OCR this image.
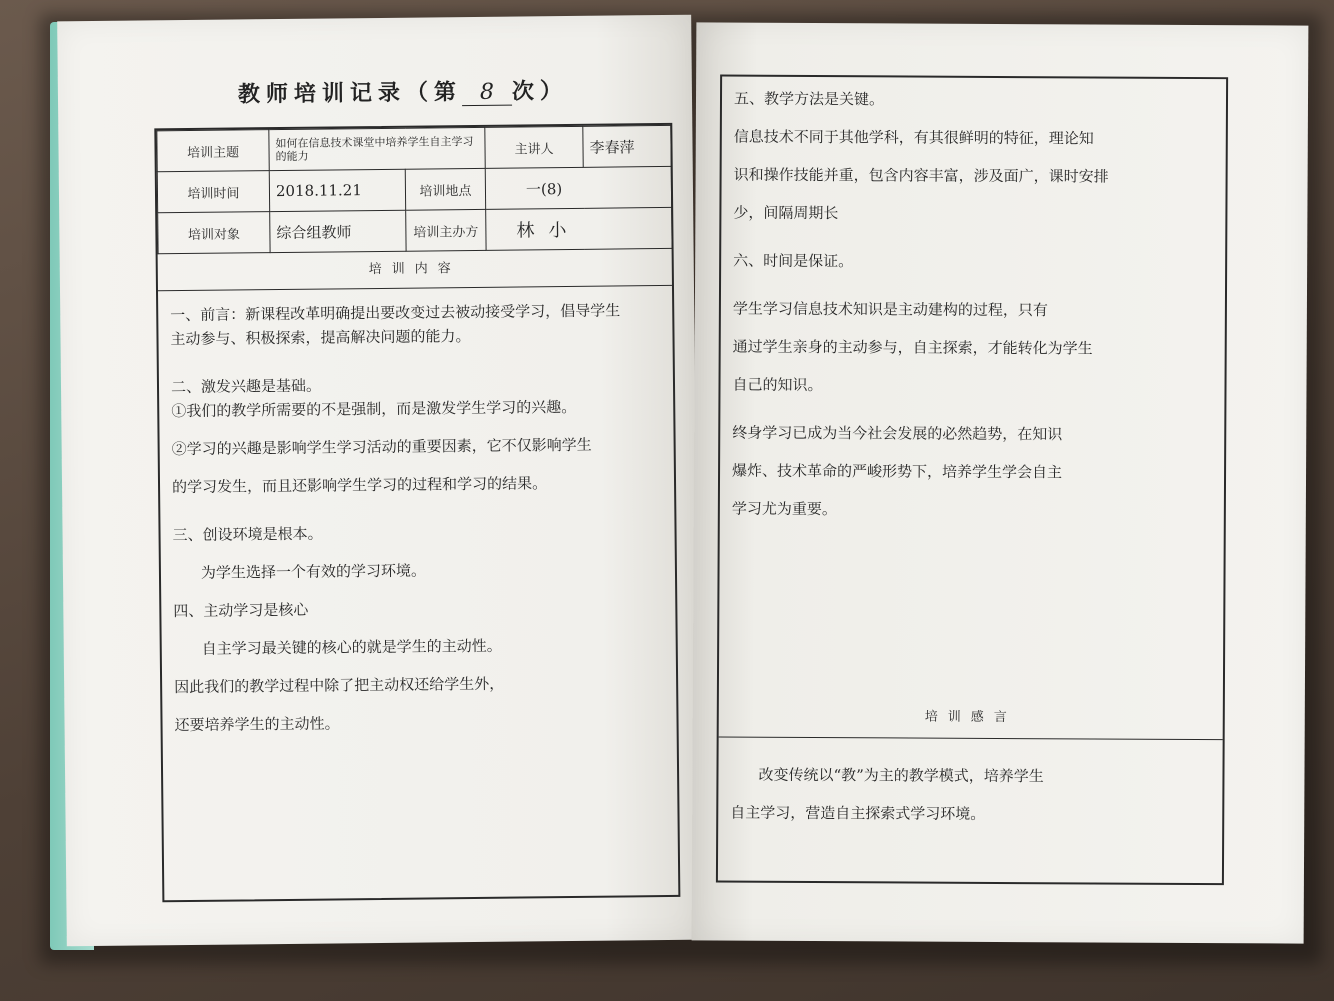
教师培训记录（第 8 次）
培训主题	如何在信息技术课堂中培养学生自主学习的能力		主讲人	李春萍
培训时间	2018.11.21	培训地点	一(8)	
培训对象	综合组教师	培训主办方	林小	
培训内容

一、前言：新课程改革明确提出要改变过去被动接受学习，倡导学生

主动参与、积极探索，提高解决问题的能力。

二、激发兴趣是基础。

①我们的教学所需要的不是强制，而是激发学生学习的兴趣。

②学习的兴趣是影响学生学习活动的重要因素，它不仅影响学生

的学习发生，而且还影响学生学习的过程和学习的结果。

三、创设环境是根本。

为学生选择一个有效的学习环境。

四、主动学习是核心

自主学习最关键的核心的就是学生的主动性。

因此我们的教学过程中除了把主动权还给学生外，

还要培养学生的主动性。

五、教学方法是关键。

信息技术不同于其他学科，有其很鲜明的特征，理论知

识和操作技能并重，包含内容丰富，涉及面广，课时安排

少，间隔周期长

六、时间是保证。

学生学习信息技术知识是主动建构的过程，只有

通过学生亲身的主动参与，自主探索，才能转化为学生

自己的知识。

终身学习已成为当今社会发展的必然趋势，在知识

爆炸、技术革命的严峻形势下，培养学生学会自主

学习尤为重要。

培训感言

改变传统以“教”为主的教学模式，培养学生

自主学习，营造自主探索式学习环境。
